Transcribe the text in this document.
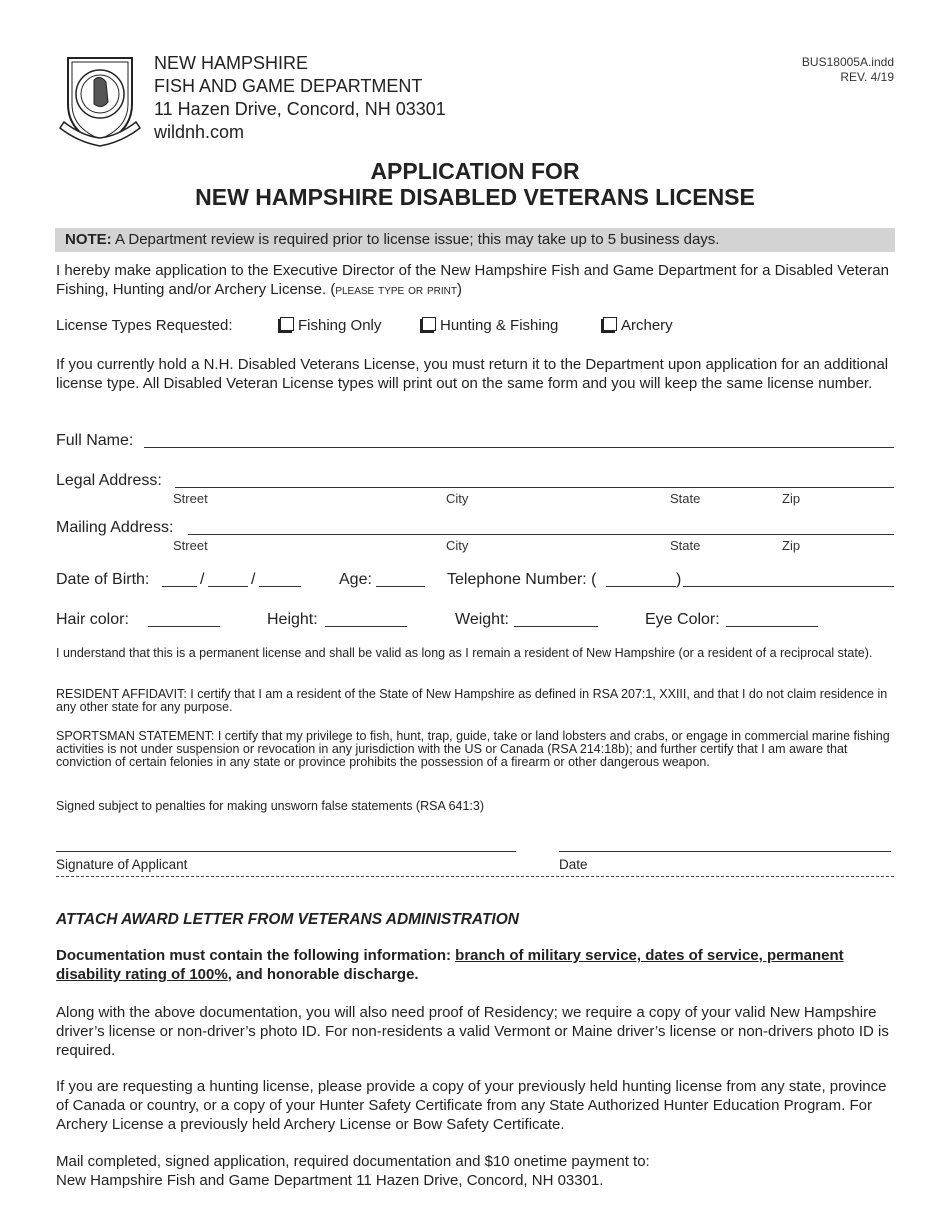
NEW HAMPSHIRE
FISH AND GAME DEPARTMENT
11 Hazen Drive, Concord, NH 03301
wildnh.com
BUS18005A.indd
REV. 4/19
APPLICATION FOR
NEW HAMPSHIRE DISABLED VETERANS LICENSE
NOTE: A Department review is required prior to license issue; this may take up to 5 business days.
I hereby make application to the Executive Director of the New Hampshire Fish and Game Department for a Disabled Veteran Fishing, Hunting and/or Archery License. (please type or print)
License Types Requested:	Fishing Only	Hunting & Fishing	Archery
If you currently hold a N.H. Disabled Veterans License, you must return it to the Department upon application for an additional license type. All Disabled Veteran License types will print out on the same form and you will keep the same license number.
Full Name:
Legal Address:
Street	City	State	Zip
Mailing Address:
Street	City	State	Zip
Date of Birth:	/	/	Age:	Telephone Number: (	)
Hair color:	Height:	Weight:	Eye Color:
I understand that this is a permanent license and shall be valid as long as I remain a resident of New Hampshire (or a resident of a reciprocal state).
RESIDENT AFFIDAVIT: I certify that I am a resident of the State of New Hampshire as defined in RSA 207:1, XXIII, and that I do not claim residence in any other state for any purpose.
SPORTSMAN STATEMENT: I certify that my privilege to fish, hunt, trap, guide, take or land lobsters and crabs, or engage in commercial marine fishing activities is not under suspension or revocation in any jurisdiction with the US or Canada (RSA 214:18b); and further certify that I am aware that conviction of certain felonies in any state or province prohibits the possession of a firearm or other dangerous weapon.
Signed subject to penalties for making unsworn false statements (RSA 641:3)
Signature of Applicant	Date
ATTACH AWARD LETTER FROM VETERANS ADMINISTRATION
Documentation must contain the following information: branch of military service, dates of service, permanent disability rating of 100%, and honorable discharge.
Along with the above documentation, you will also need proof of Residency; we require a copy of your valid New Hampshire driver’s license or non-driver’s photo ID. For non-residents a valid Vermont or Maine driver’s license or non-drivers photo ID is required.
If you are requesting a hunting license, please provide a copy of your previously held hunting license from any state, province of Canada or country, or a copy of your Hunter Safety Certificate from any State Authorized Hunter Education Program. For Archery License a previously held Archery License or Bow Safety Certificate.
Mail completed, signed application, required documentation and $10 onetime payment to:
New Hampshire Fish and Game Department 11 Hazen Drive, Concord, NH 03301.
